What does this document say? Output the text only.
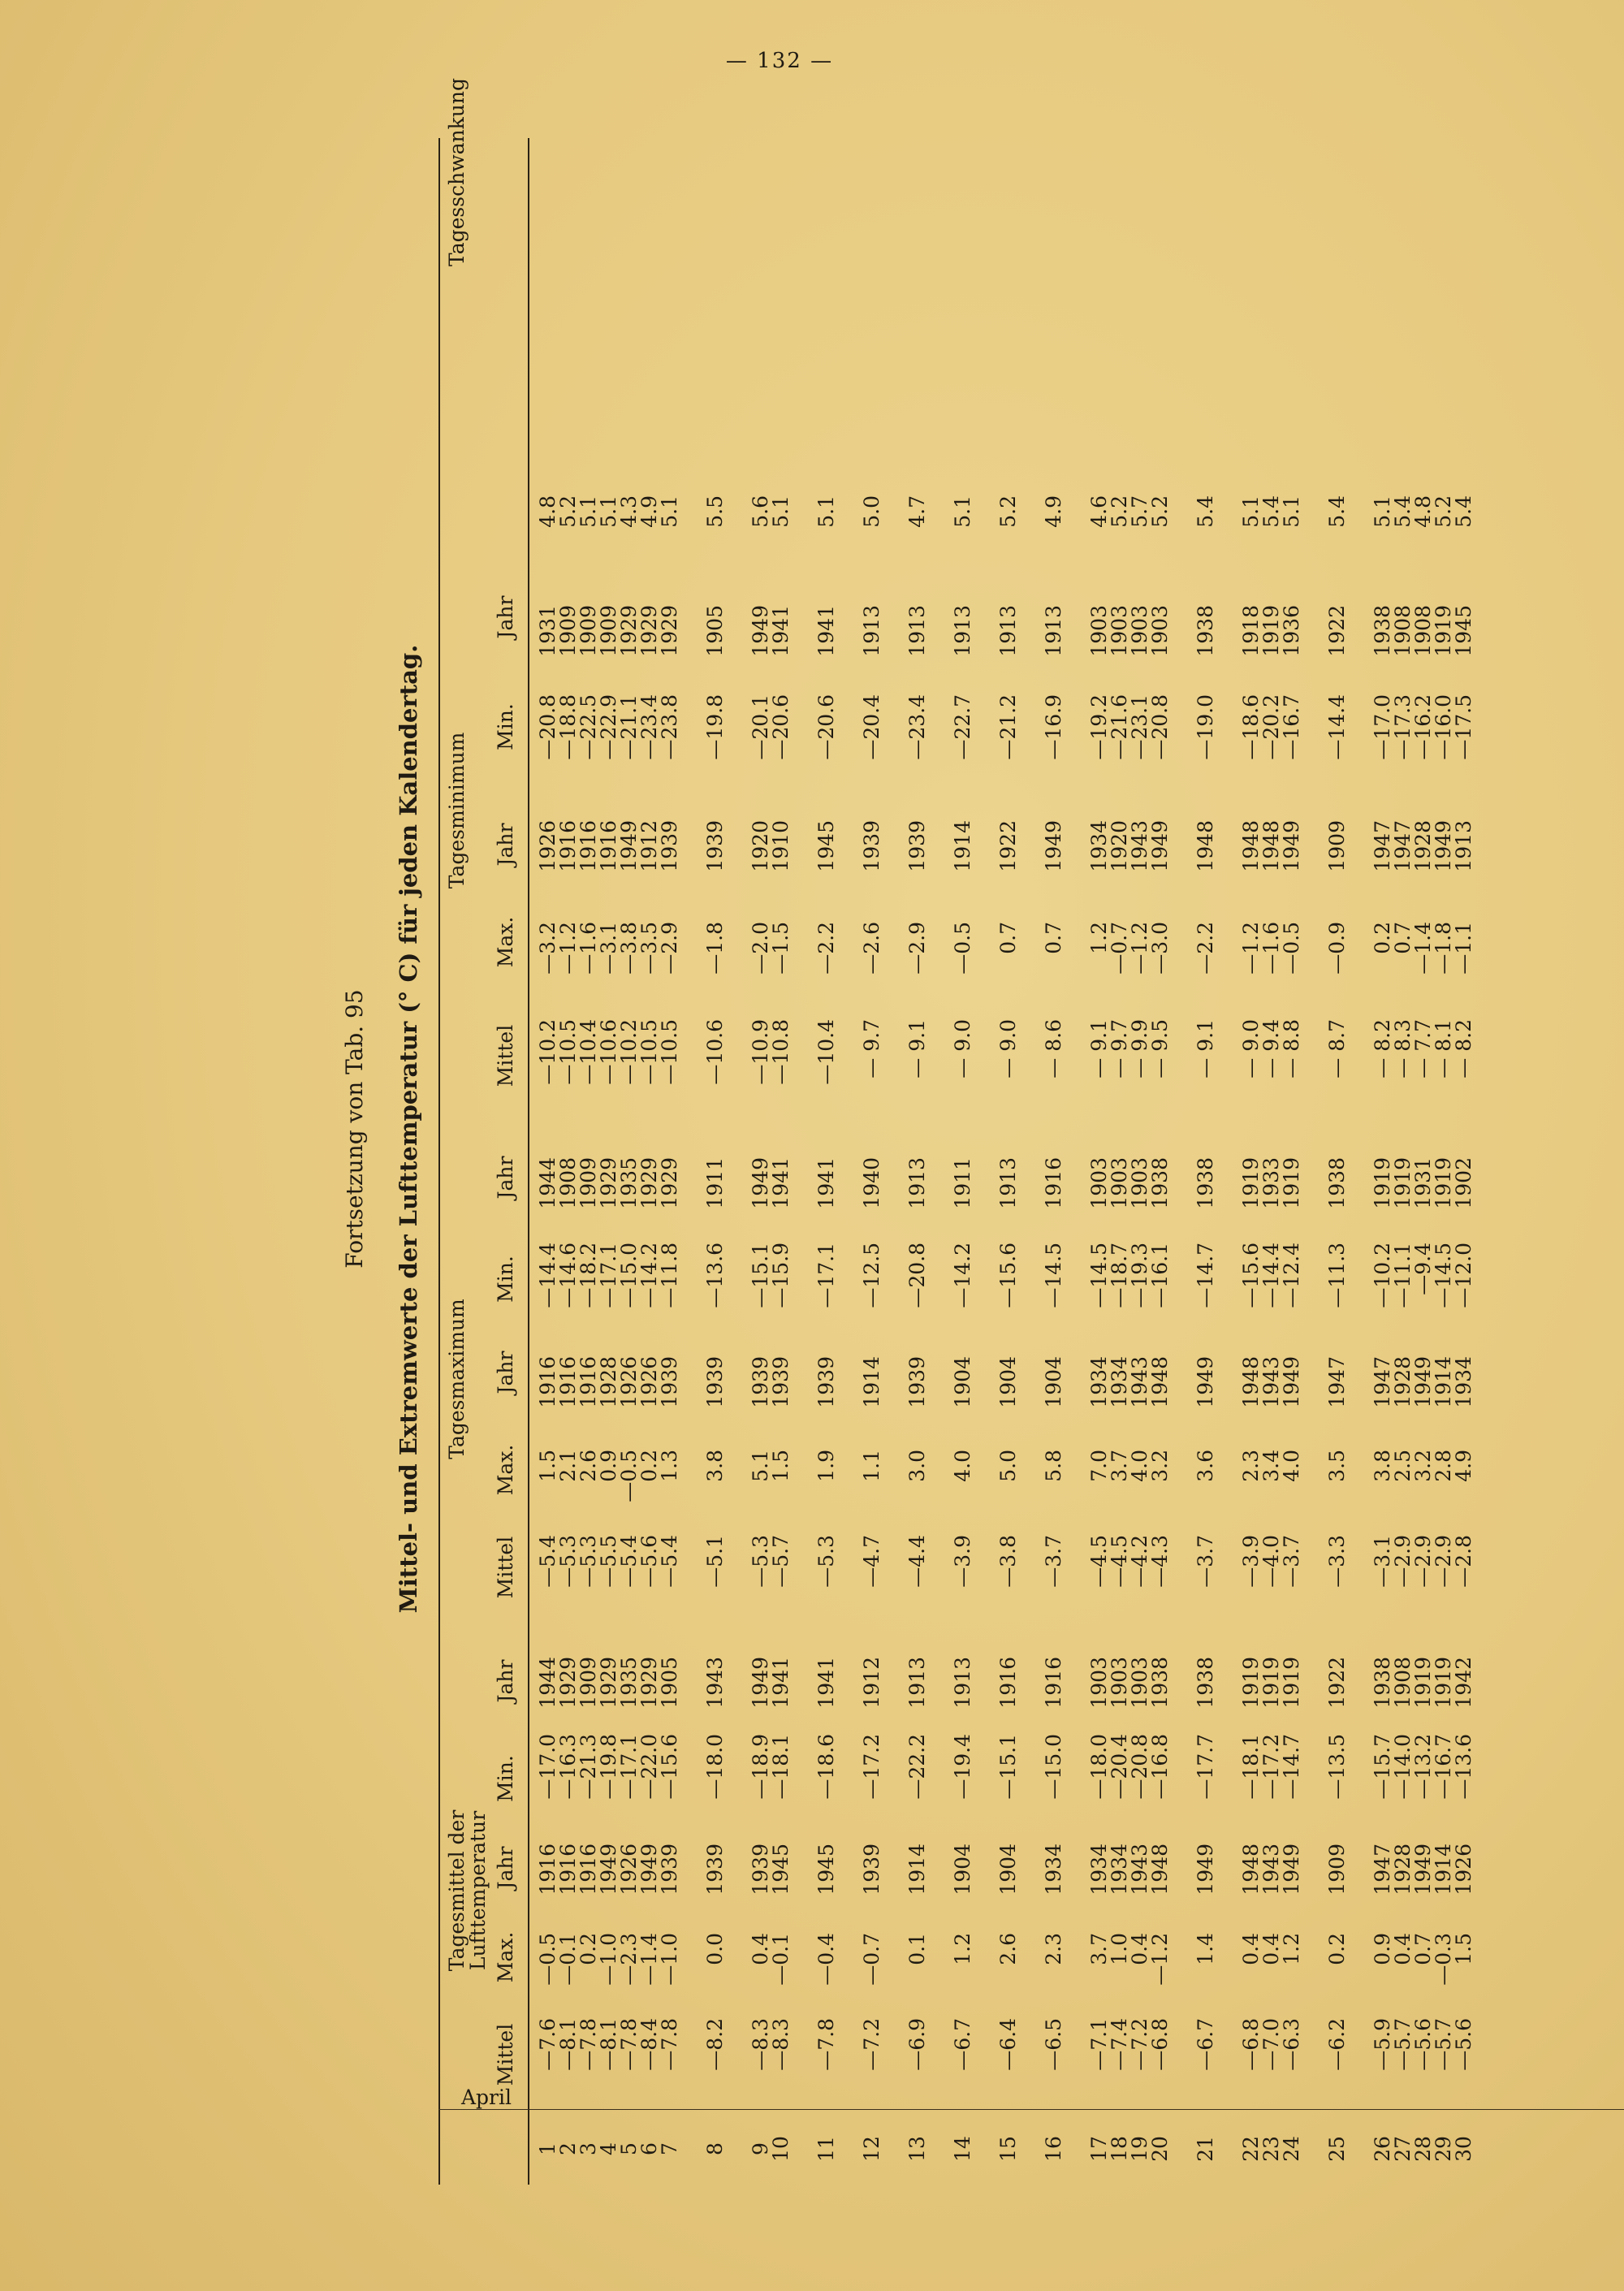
— 132 —
Fortsetzung von Tab. 95 Mittel- und Extremwerte der Lufttemperatur (° C) für jeden Kalendertag.
April
Tagesmittel der Lufttemperatur
Tagesmaximum
Tagesminimum
Tagesschwankung
Mittel
Max.
Jahr
Min.
Jahr
Mittel
Max.
Jahr
Min.
Jahr
Mittel
Max.
Jahr
Min.
Jahr
1
2
3
4
5
6
7 8 9
10 11 12 13 14 15 16 17
18
19
20 21 22
23
24 25 26
27
28
29
30
—7.6
—8.1
—7.8
—8.1
—7.8
—8.4
—7.8 —8.2 —8.3
—8.3 —7.8 —7.2 —6.9 —6.7 —6.4 —6.5 —7.1
—7.4
—7.2
—6.8 —6.7 —6.8
—7.0
—6.3 —6.2 —5.9
—5.7
—5.6
—5.7
—5.6
—0.5
—0.1
0.2
—1.0
—2.3
—1.4
—1.0 0.0 0.4
—0.1 —0.4 —0.7 0.1 1.2 2.6 2.3 3.7
1.0
0.4
—1.2 1.4 0.4
0.4
1.2 0.2 0.9
0.4
0.7
—0.3
1.5
1916
1916
1916
1949
1926
1949
1939 1939 1939
1945 1945 1939 1914 1904 1904 1934 1934
1934
1943
1948 1949 1948
1943
1949 1909 1947
1928
1949
1914
1926
—17.0
—16.3
—21.3
—19.8
—17.1
—22.0
—15.6 —18.0 —18.9
—18.1 —18.6 —17.2 —22.2 —19.4 —15.1 —15.0 —18.0
—20.4
—20.8
—16.8 —17.7 —18.1
—17.2
—14.7 —13.5 —15.7
—14.0
—13.2
—16.7
—13.6
1944
1929
1909
1929
1935
1929
1905 1943 1949
1941 1941 1912 1913 1913 1916 1916 1903
1903
1903
1938 1938 1919
1919
1919 1922 1938
1908
1919
1919
1942
—5.4
—5.3
—5.3
—5.5
—5.4
—5.6
—5.4 —5.1 —5.3
—5.7 —5.3 —4.7 —4.4 —3.9 —3.8 —3.7 —4.5
—4.5
—4.2
—4.3 —3.7 —3.9
—4.0
—3.7 —3.3 —3.1
—2.9
—2.9
—2.9
—2.8
1.5
2.1
2.6
0.9
—0.5
0.2
1.3 3.8 5.1
1.5 1.9 1.1 3.0 4.0 5.0 5.8 7.0
3.7
4.0
3.2 3.6 2.3
3.4
4.0 3.5 3.8
2.5
3.2
2.8
4.9
1916
1916
1916
1928
1926
1926
1939 1939 1939
1939 1939 1914 1939 1904 1904 1904 1934
1934
1943
1948 1949 1948
1943
1949 1947 1947
1928
1949
1914
1934
—14.4
—14.6
—18.2
—17.1
—15.0
—14.2
—11.8 —13.6 —15.1
—15.9 —17.1 —12.5 —20.8 —14.2 —15.6 —14.5 —14.5
—18.7
—19.3
—16.1 —14.7 —15.6
—14.4
—12.4 —11.3 —10.2
—11.1
—9.4
—14.5
—12.0
1944
1908
1909
1929
1935
1929
1929 1911 1949
1941 1941 1940 1913 1911 1913 1916 1903
1903
1903
1938 1938 1919
1933
1919 1938 1919
1919
1931
1919
1902
—10.2
—10.5
—10.4
—10.6
—10.2
—10.5
—10.5 —10.6 —10.9
—10.8 —10.4 — 9.7 — 9.1 — 9.0 — 9.0 — 8.6 — 9.1
— 9.7
— 9.9
— 9.5 — 9.1 — 9.0
— 9.4
— 8.8 — 8.7 — 8.2
— 8.3
— 7.7
— 8.1
— 8.2
—3.2
—1.2
—1.6
—3.1
—3.8
—3.5
—2.9 —1.8 —2.0
—1.5 —2.2 —2.6 —2.9 —0.5 0.7 0.7 1.2
—0.7
—1.2
—3.0 —2.2 —1.2
—1.6
—0.5 —0.9 0.2
0.7
—1.4
—1.8
—1.1
1926
1916
1916
1916
1949
1912
1939 1939 1920
1910 1945 1939 1939 1914 1922 1949 1934
1920
1943
1949 1948 1948
1948
1949 1909 1947
1947
1928
1949
1913
—20.8
—18.8
—22.5
—22.9
—21.1
—23.4
—23.8 —19.8 —20.1
—20.6 —20.6 —20.4 —23.4 —22.7 —21.2 —16.9 —19.2
—21.6
—23.1
—20.8 —19.0 —18.6
—20.2
—16.7 —14.4 —17.0
—17.3
—16.2
—16.0
—17.5
1931
1909
1909
1909
1929
1929
1929 1905 1949
1941 1941 1913 1913 1913 1913 1913 1903
1903
1903
1903 1938 1918
1919
1936 1922 1938
1908
1908
1919
1945
4.8
5.2
5.1
5.1
4.3
4.9
5.1 5.5 5.6
5.1 5.1 5.0 4.7 5.1 5.2 4.9 4.6
5.2
5.7
5.2 5.4 5.1
5.4
5.1 5.4 5.1
5.4
4.8
5.2
5.4
